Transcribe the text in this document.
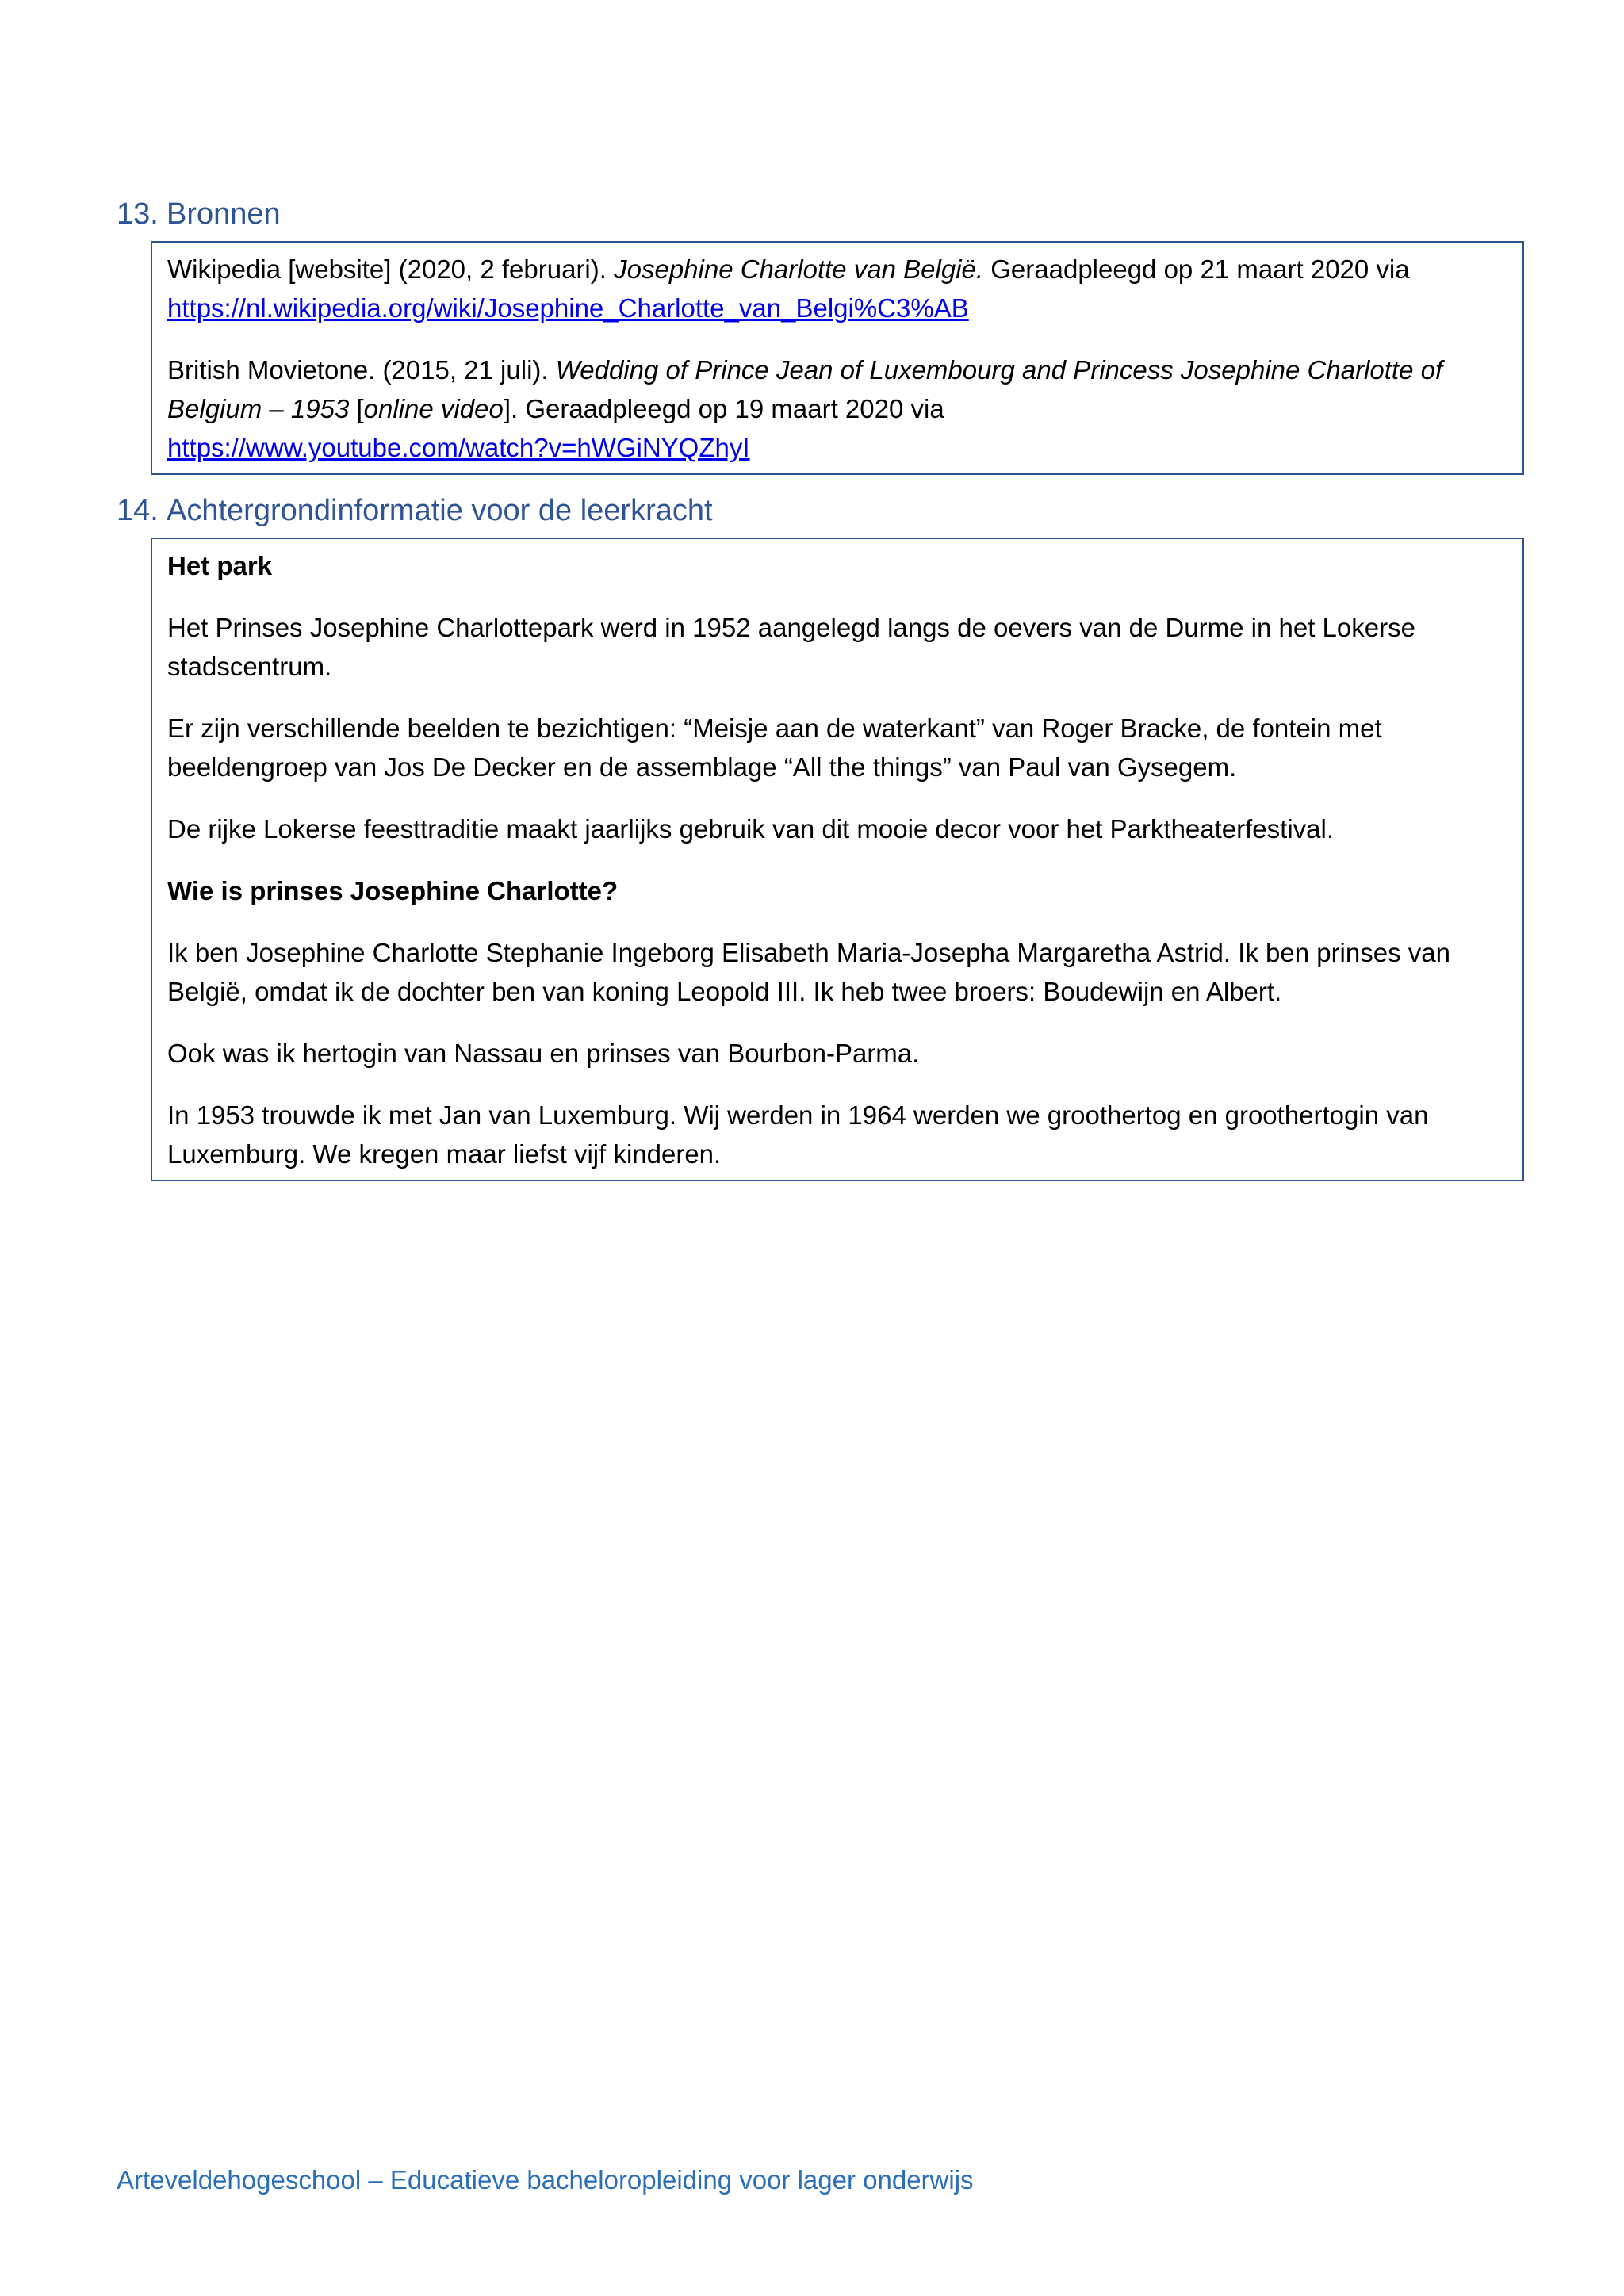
13. Bronnen

Wikipedia [website] (2020, 2 februari). Josephine Charlotte van België. Geraadpleegd op 21 maart 2020 via
https://nl.wikipedia.org/wiki/Josephine_Charlotte_van_Belgi%C3%AB

British Movietone. (2015, 21 juli). Wedding of Prince Jean of Luxembourg and Princess Josephine Charlotte of Belgium – 1953 [online video]. Geraadpleegd op 19 maart 2020 via
https://www.youtube.com/watch?v=hWGiNYQZhyI

14. Achtergrondinformatie voor de leerkracht

Het park

Het Prinses Josephine Charlottepark werd in 1952 aangelegd langs de oevers van de Durme in het Lokerse stadscentrum.

Er zijn verschillende beelden te bezichtigen: “Meisje aan de waterkant” van Roger Bracke, de fontein met beeldengroep van Jos De Decker en de assemblage “All the things” van Paul van Gysegem.

De rijke Lokerse feesttraditie maakt jaarlijks gebruik van dit mooie decor voor het Parktheaterfestival.

Wie is prinses Josephine Charlotte?

Ik ben Josephine Charlotte Stephanie Ingeborg Elisabeth Maria-Josepha Margaretha Astrid. Ik ben prinses van België, omdat ik de dochter ben van koning Leopold III. Ik heb twee broers: Boudewijn en Albert.

Ook was ik hertogin van Nassau en prinses van Bourbon-Parma.

In 1953 trouwde ik met Jan van Luxemburg. Wij werden in 1964 werden we groothertog en groothertogin van Luxemburg. We kregen maar liefst vijf kinderen.

Arteveldehogeschool – Educatieve bacheloropleiding voor lager onderwijs
